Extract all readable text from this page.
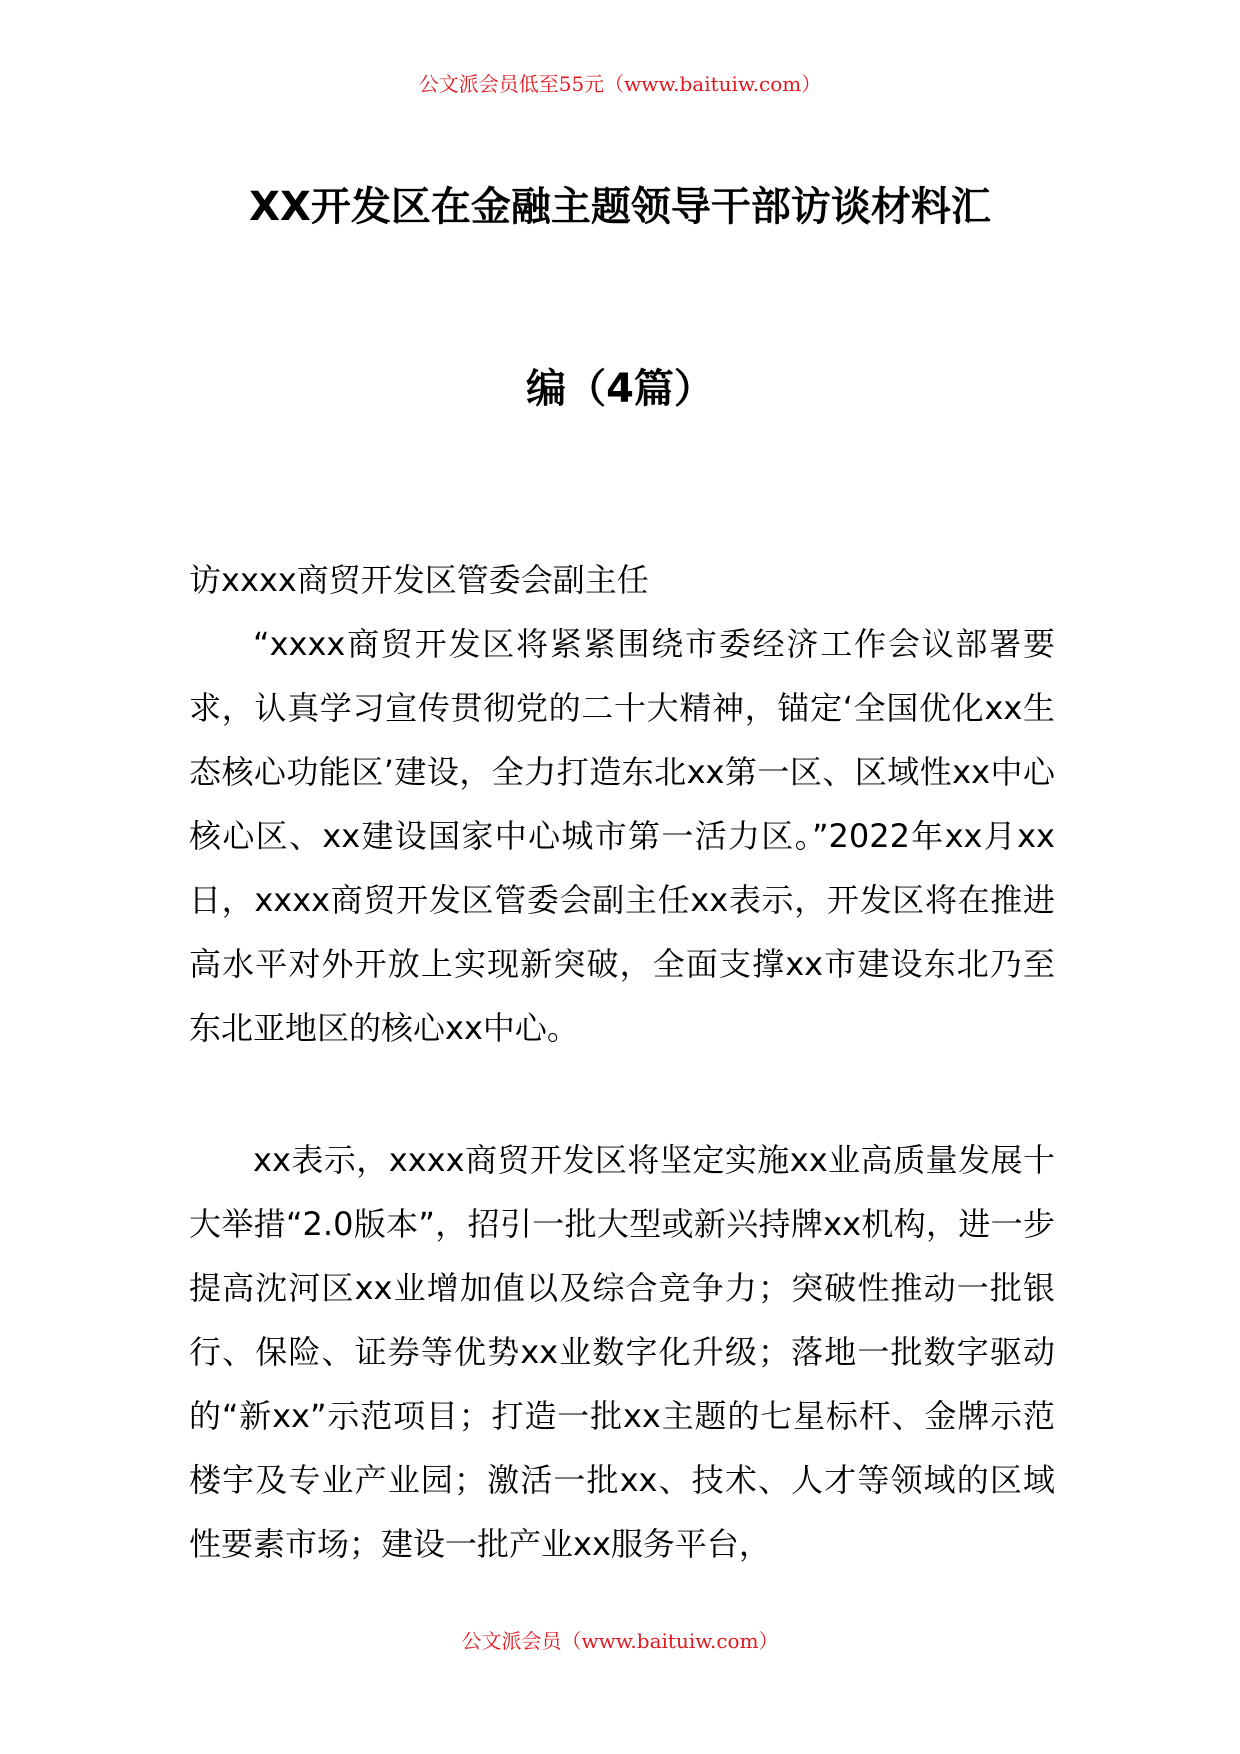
公文派会员低至55元（www.baituiw.com）
XX开发区在金融主题领导干部访谈材料汇
编（4篇）
访xxxx商贸开发区管委会副主任

“xxxx商贸开发区将紧紧围绕市委经济工作会议部署要求，认真学习宣传贯彻党的二十大精神，锚定‘全国优化xx生态核心功能区’建设，全力打造东北xx第一区、区域性xx中心核心区、xx建设国家中心城市第一活力区。”2022年xx月xx日，xxxx商贸开发区管委会副主任xx表示，开发区将在推进高水平对外开放上实现新突破，全面支撑xx市建设东北乃至东北亚地区的核心xx中心。

xx表示，xxxx商贸开发区将坚定实施xx业高质量发展十大举措“2.0版本”，招引一批大型或新兴持牌xx机构，进一步提高沈河区xx业增加值以及综合竞争力；突破性推动一批银行、保险、证券等优势xx业数字化升级；落地一批数字驱动的“新xx”示范项目；打造一批xx主题的七星标杆、金牌示范楼宇及专业产业园；激活一批xx、技术、人才等领域的区域性要素市场；建设一批产业xx服务平台，

公文派会员（www.baituiw.com）
